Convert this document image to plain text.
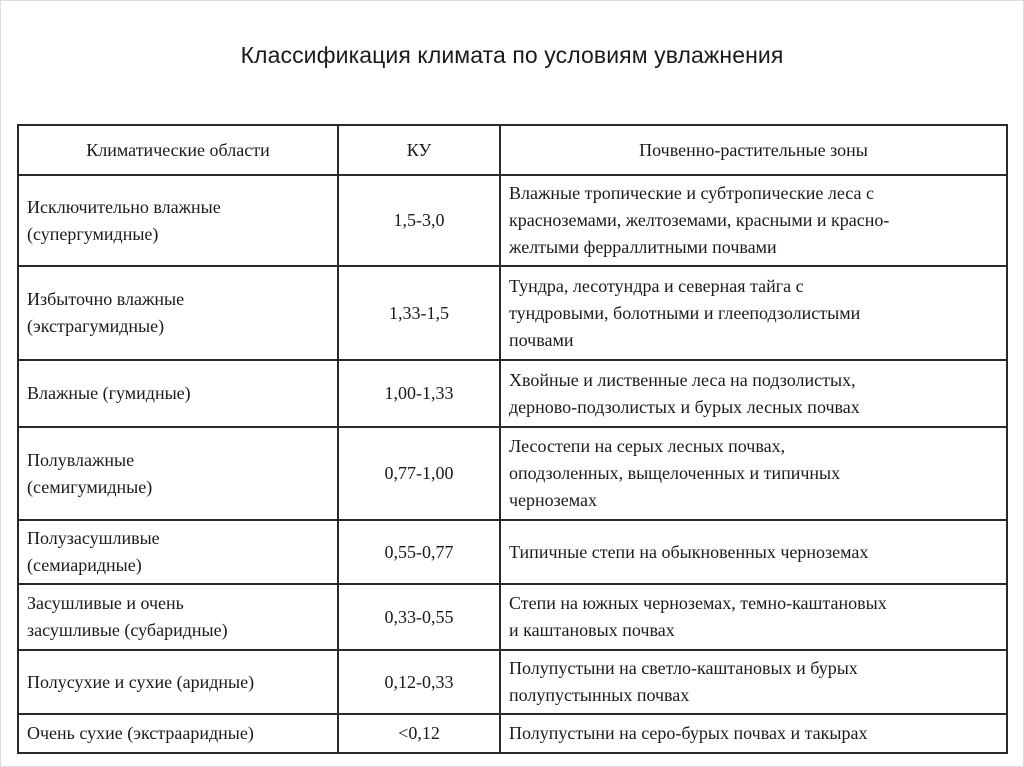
Классификация климата по условиям увлажнения
Климатические области	КУ	Почвенно-растительные зоны

Исключительно влажные
(супергумидные)	1,5-3,0	Влажные тропические и субтропические леса с
красноземами, желтоземами, красными и красно-
желтыми ферраллитными почвами

Избыточно влажные
(экстрагумидные)	1,33-1,5	Тундра, лесотундра и северная тайга с
тундровыми, болотными и глееподзолистыми
почвами

Влажные (гумидные)	1,00-1,33	Хвойные и лиственные леса на подзолистых,
дерново-подзолистых и бурых лесных почвах

Полувлажные
(семигумидные)	0,77-1,00	Лесостепи на серых лесных почвах,
оподзоленных, выщелоченных и типичных
черноземах

Полузасушливые
(семиаридные)	0,55-0,77	Типичные степи на обыкновенных черноземах

Засушливые и очень
засушливые (субаридные)	0,33-0,55	Степи на южных черноземах, темно-каштановых
и каштановых почвах

Полусухие и сухие (аридные)	0,12-0,33	Полупустыни на светло-каштановых и бурых
полупустынных почвах

Очень сухие (экстрааридные)	<0,12	Полупустыни на серо-бурых почвах и такырах
